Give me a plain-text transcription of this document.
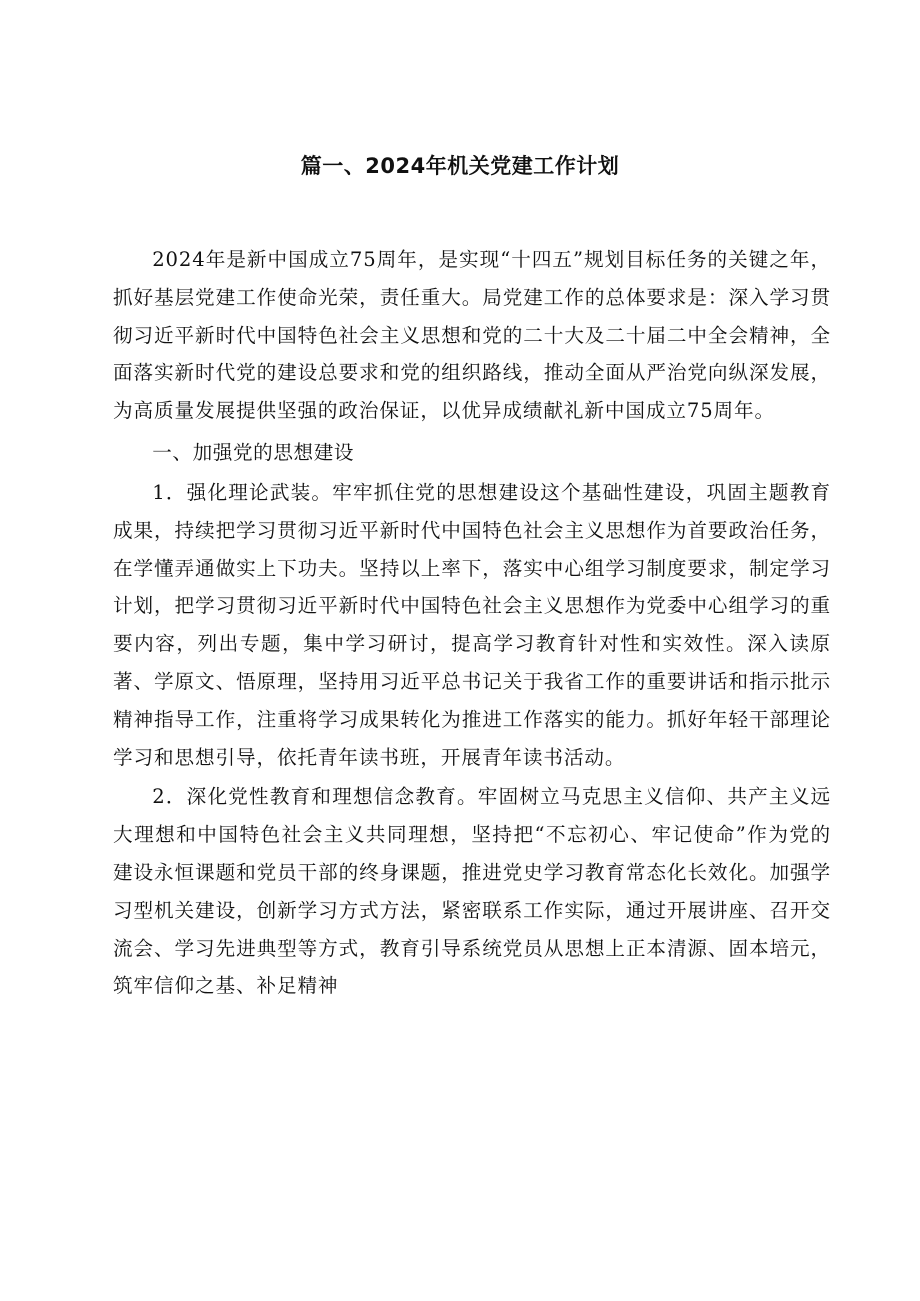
篇一、2024年机关党建工作计划

2024年是新中国成立75周年，是实现“十四五”规划目标任务的关键之年，抓好基层党建工作使命光荣，责任重大。局党建工作的总体要求是：深入学习贯彻习近平新时代中国特色社会主义思想和党的二十大及二十届二中全会精神，全面落实新时代党的建设总要求和党的组织路线，推动全面从严治党向纵深发展，为高质量发展提供坚强的政治保证，以优异成绩献礼新中国成立75周年。

一、加强党的思想建设

1．强化理论武装。牢牢抓住党的思想建设这个基础性建设，巩固主题教育成果，持续把学习贯彻习近平新时代中国特色社会主义思想作为首要政治任务，在学懂弄通做实上下功夫。坚持以上率下，落实中心组学习制度要求，制定学习计划，把学习贯彻习近平新时代中国特色社会主义思想作为党委中心组学习的重要内容，列出专题，集中学习研讨，提高学习教育针对性和实效性。深入读原著、学原文、悟原理，坚持用习近平总书记关于我省工作的重要讲话和指示批示精神指导工作，注重将学习成果转化为推进工作落实的能力。抓好年轻干部理论学习和思想引导，依托青年读书班，开展青年读书活动。

2．深化党性教育和理想信念教育。牢固树立马克思主义信仰、共产主义远大理想和中国特色社会主义共同理想，坚持把“不忘初心、牢记使命”作为党的建设永恒课题和党员干部的终身课题，推进党史学习教育常态化长效化。加强学习型机关建设，创新学习方式方法，紧密联系工作实际，通过开展讲座、召开交流会、学习先进典型等方式，教育引导系统党员从思想上正本清源、固本培元，筑牢信仰之基、补足精神
